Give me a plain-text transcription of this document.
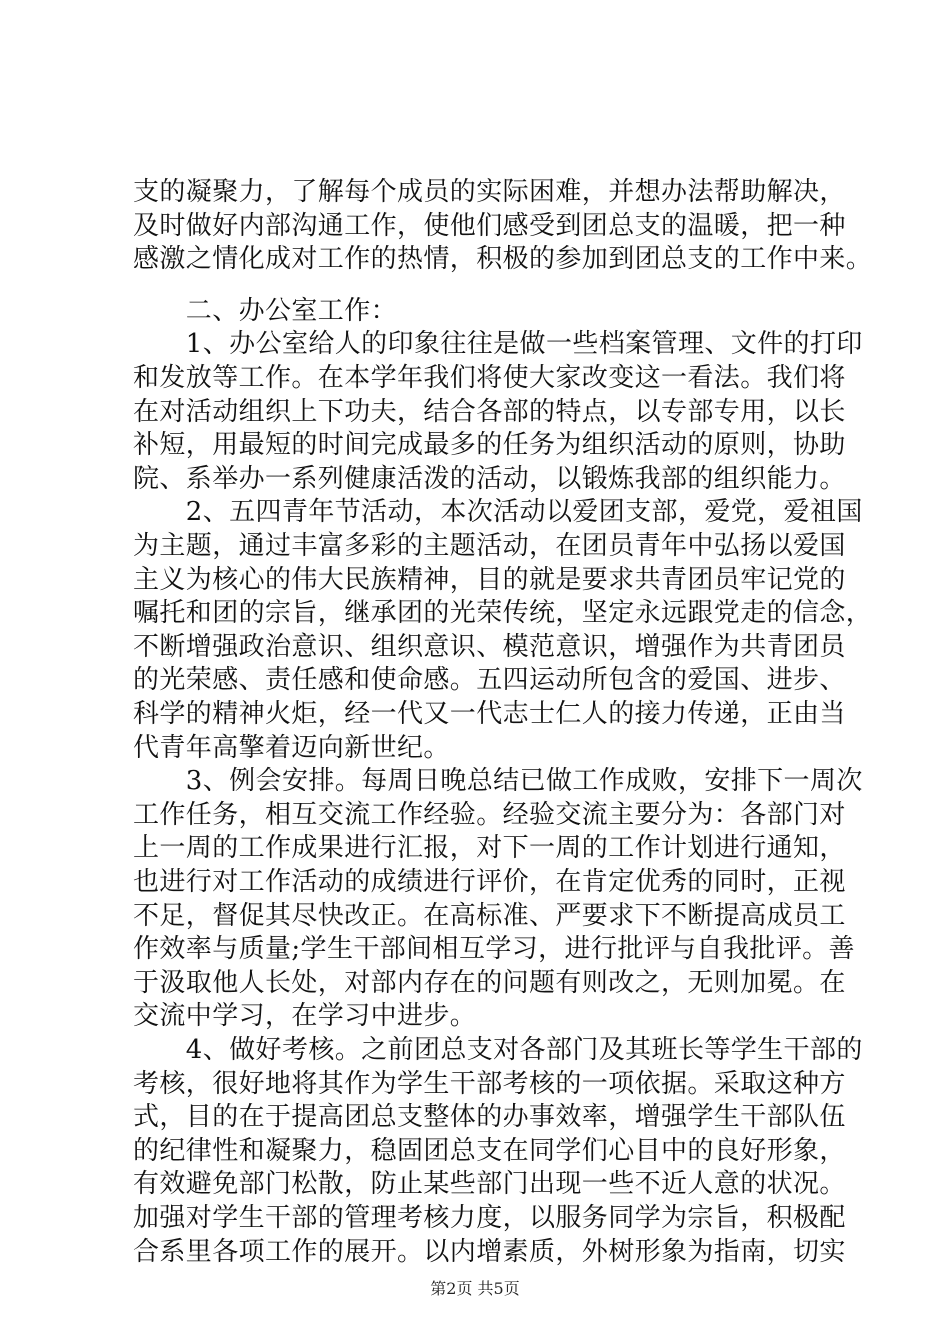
支的凝聚力，了解每个成员的实际困难，并想办法帮助解决，
及时做好内部沟通工作，使他们感受到团总支的温暖，把一种
感激之情化成对工作的热情，积极的参加到团总支的工作中来。
　　二、办公室工作：
　　1、办公室给人的印象往往是做一些档案管理、文件的打印
和发放等工作。在本学年我们将使大家改变这一看法。我们将
在对活动组织上下功夫，结合各部的特点，以专部专用，以长
补短，用最短的时间完成最多的任务为组织活动的原则，协助
院、系举办一系列健康活泼的活动，以锻炼我部的组织能力。
　　2、五四青年节活动，本次活动以爱团支部，爱党，爱祖国
为主题，通过丰富多彩的主题活动，在团员青年中弘扬以爱国
主义为核心的伟大民族精神，目的就是要求共青团员牢记党的
嘱托和团的宗旨，继承团的光荣传统，坚定永远跟党走的信念，
不断增强政治意识、组织意识、模范意识，增强作为共青团员
的光荣感、责任感和使命感。五四运动所包含的爱国、进步、
科学的精神火炬，经一代又一代志士仁人的接力传递，正由当
代青年高擎着迈向新世纪。
　　3、例会安排。每周日晚总结已做工作成败，安排下一周次
工作任务，相互交流工作经验。经验交流主要分为：各部门对
上一周的工作成果进行汇报，对下一周的工作计划进行通知，
也进行对工作活动的成绩进行评价，在肯定优秀的同时，正视
不足，督促其尽快改正。在高标准、严要求下不断提高成员工
作效率与质量;学生干部间相互学习，进行批评与自我批评。善
于汲取他人长处，对部内存在的问题有则改之，无则加冕。在
交流中学习，在学习中进步。
　　4、做好考核。之前团总支对各部门及其班长等学生干部的
考核，很好地将其作为学生干部考核的一项依据。采取这种方
式，目的在于提高团总支整体的办事效率，增强学生干部队伍
的纪律性和凝聚力，稳固团总支在同学们心目中的良好形象，
有效避免部门松散，防止某些部门出现一些不近人意的状况。
加强对学生干部的管理考核力度，以服务同学为宗旨，积极配
合系里各项工作的展开。以内增素质，外树形象为指南，切实
第2页 共5页
